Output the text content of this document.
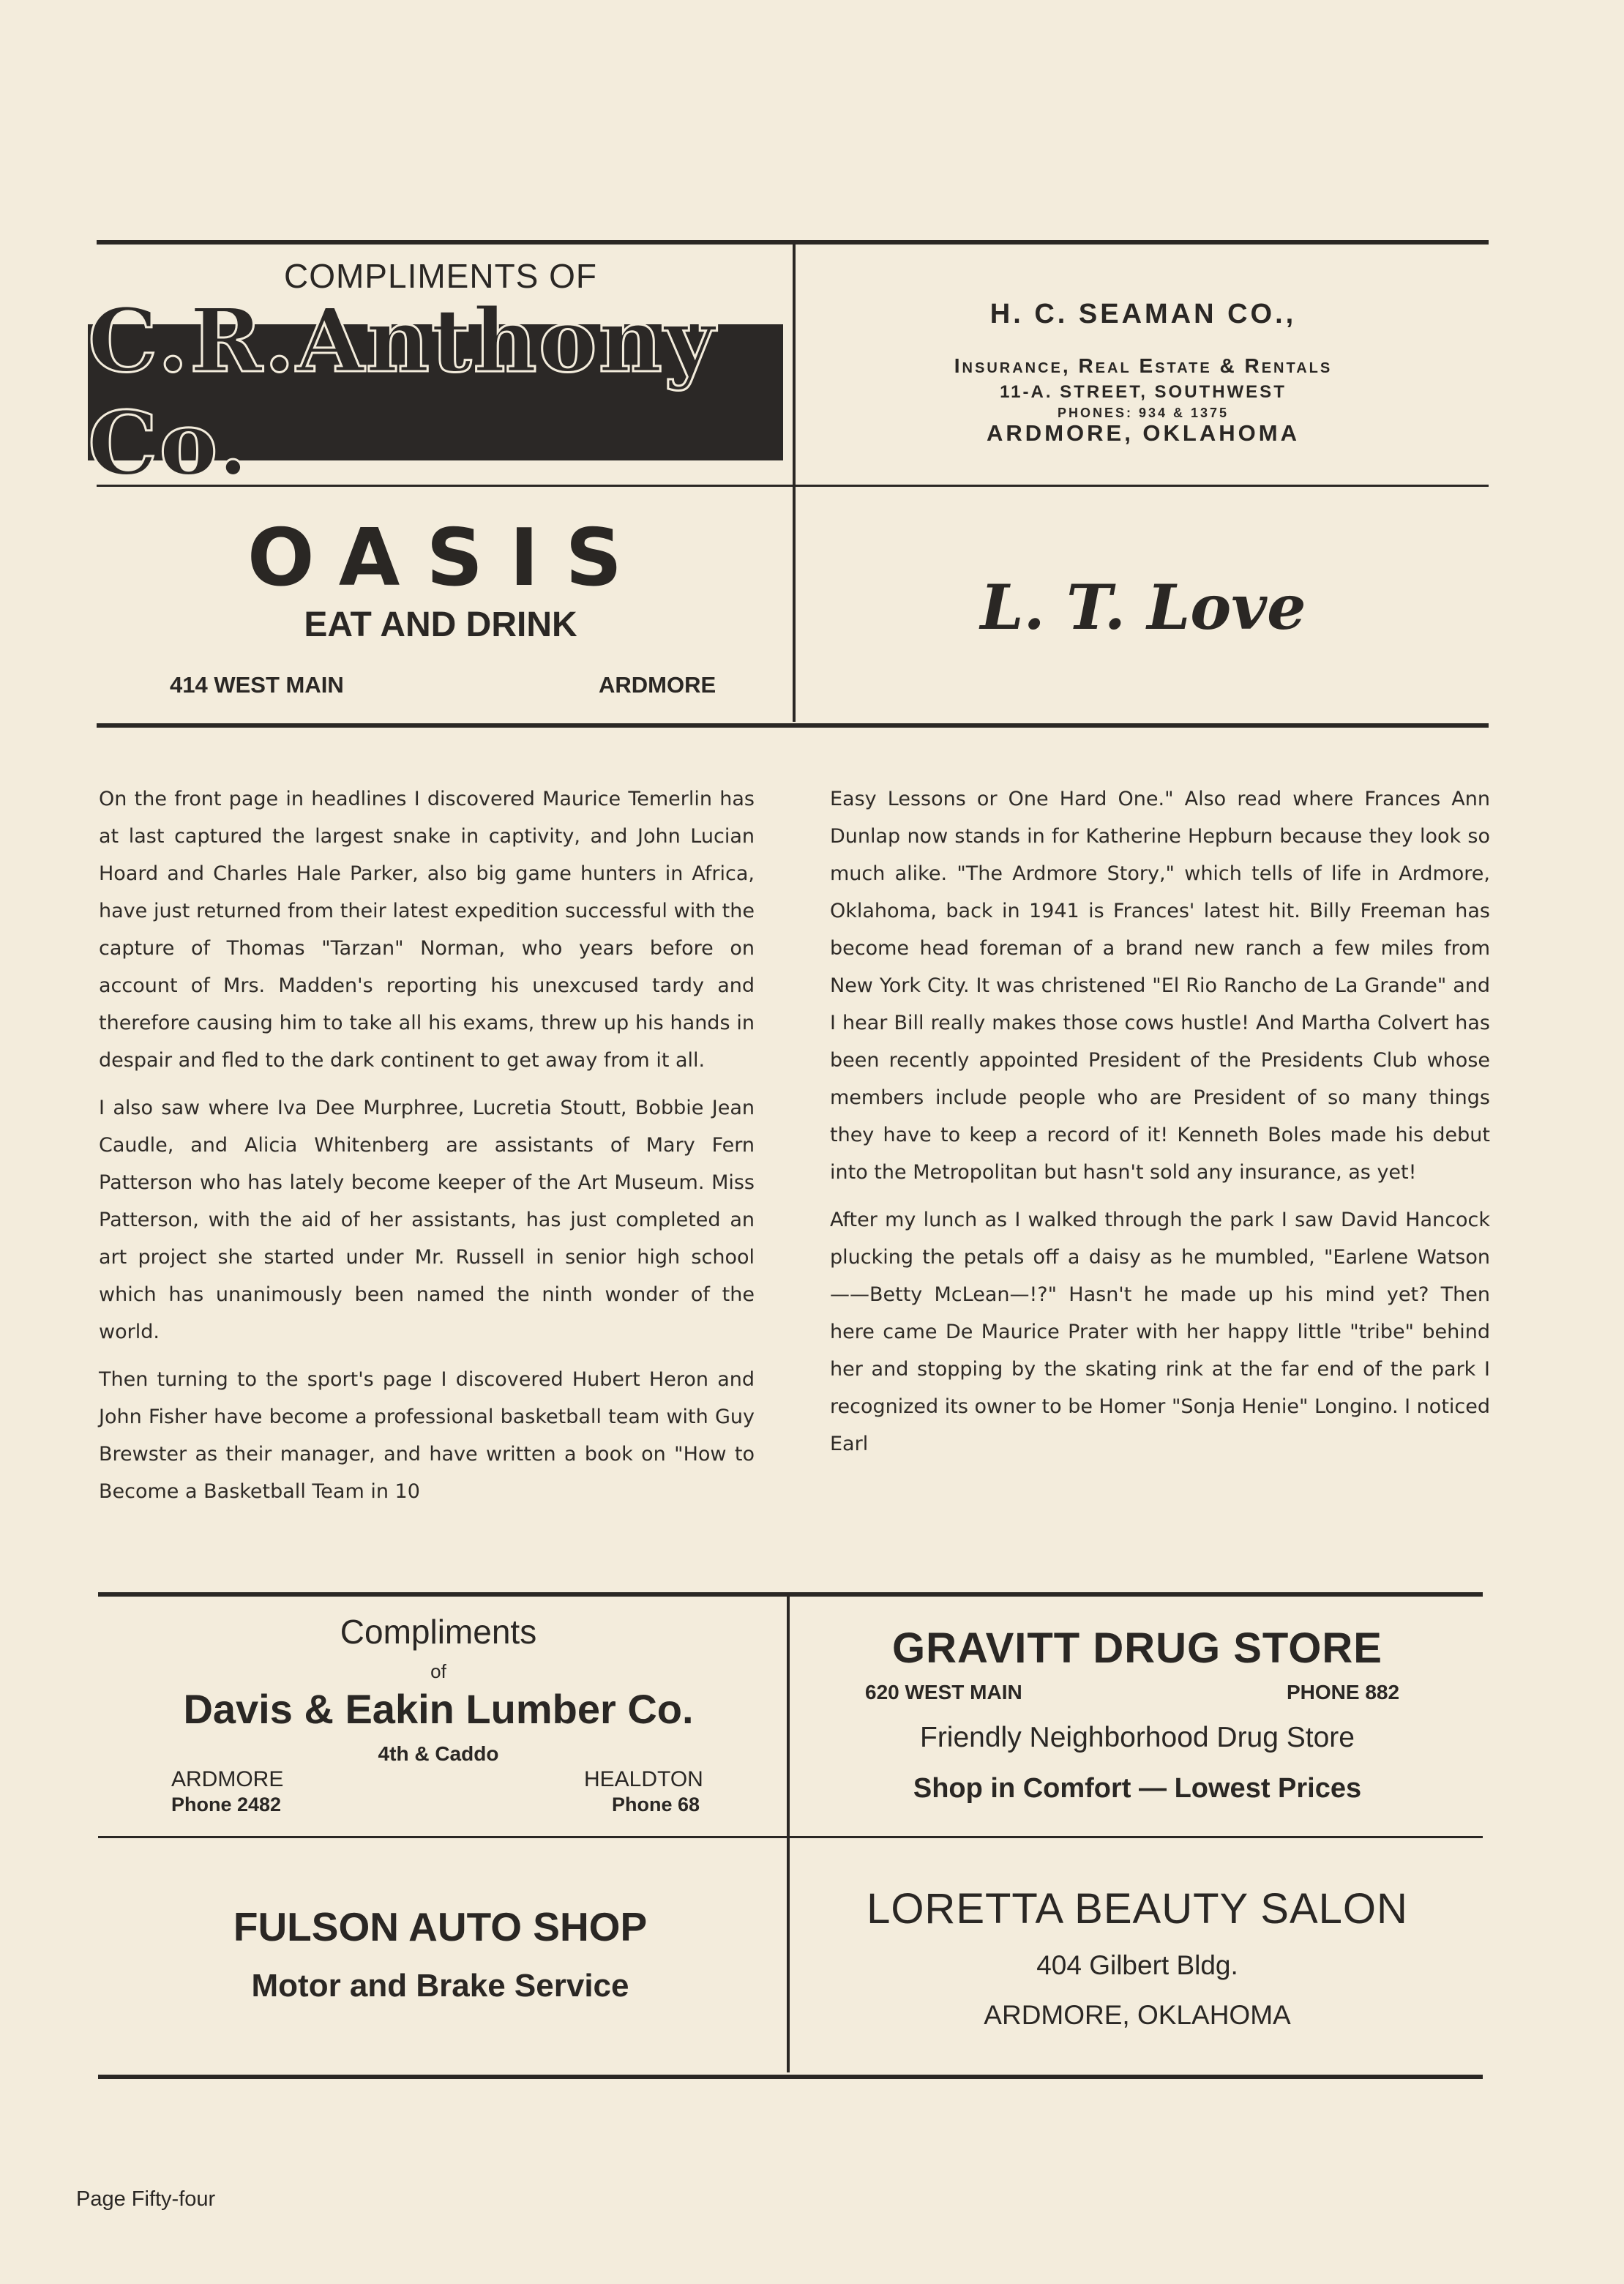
COMPLIMENTS OF
C.R.Anthony Co.
H. C. SEAMAN CO.,
Insurance, Real Estate & Rentals
11-A. STREET, SOUTHWEST
PHONES: 934 & 1375
ARDMORE, OKLAHOMA
OASIS
EAT AND DRINK
414 WEST MAIN	ARDMORE
L. T. Love

On the front page in headlines I discovered Maurice Temerlin has at last captured the largest snake in captivity, and John Lucian Hoard and Charles Hale Parker, also big game hunters in Africa, have just returned from their latest expedition successful with the capture of Thomas "Tarzan" Norman, who years before on account of Mrs. Madden's reporting his unexcused tardy and therefore causing him to take all his exams, threw up his hands in despair and fled to the dark continent to get away from it all.

I also saw where Iva Dee Murphree, Lucretia Stoutt, Bobbie Jean Caudle, and Alicia Whitenberg are assistants of Mary Fern Patterson who has lately become keeper of the Art Museum. Miss Patterson, with the aid of her assistants, has just completed an art project she started under Mr. Russell in senior high school which has unanimously been named the ninth wonder of the world.

Then turning to the sport's page I discovered Hubert Heron and John Fisher have become a professional basketball team with Guy Brewster as their manager, and have written a book on "How to Become a Basketball Team in 10

Easy Lessons or One Hard One." Also read where Frances Ann Dunlap now stands in for Katherine Hepburn because they look so much alike. "The Ardmore Story," which tells of life in Ardmore, Oklahoma, back in 1941 is Frances' latest hit. Billy Freeman has become head foreman of a brand new ranch a few miles from New York City. It was christened "El Rio Rancho de La Grande" and I hear Bill really makes those cows hustle! And Martha Colvert has been recently appointed President of the Presidents Club whose members include people who are President of so many things they have to keep a record of it! Kenneth Boles made his debut into the Metropolitan but hasn't sold any insurance, as yet!

After my lunch as I walked through the park I saw David Hancock plucking the petals off a daisy as he mumbled, "Earlene Watson——Betty McLean—!?" Hasn't he made up his mind yet? Then here came De Maurice Prater with her happy little "tribe" behind her and stopping by the skating rink at the far end of the park I recognized its owner to be Homer "Sonja Henie" Longino. I noticed Earl

Compliments
of
Davis & Eakin Lumber Co.
4th & Caddo
ARDMORE
Phone 2482
HEALDTON
Phone 68
GRAVITT DRUG STORE
620 WEST MAIN	PHONE 882
Friendly Neighborhood Drug Store
Shop in Comfort — Lowest Prices
FULSON AUTO SHOP
Motor and Brake Service
LORETTA BEAUTY SALON
404 Gilbert Bldg.
ARDMORE, OKLAHOMA
Page Fifty-four
